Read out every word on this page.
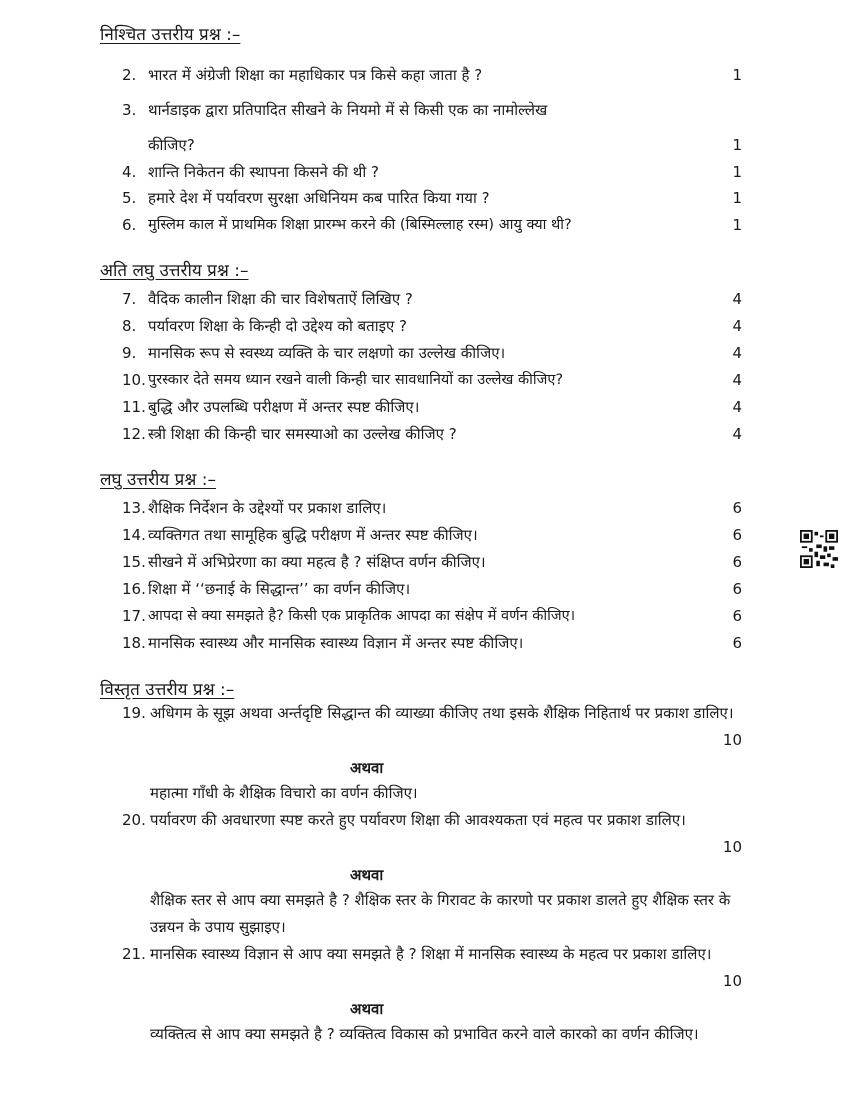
निश्चित उत्तरीय प्रश्न :–
2. भारत में अंग्रेजी शिक्षा का महाधिकार पत्र किसे कहा जाता है ?	1
3. थार्नडाइक द्वारा प्रतिपादित सीखने के नियमो में से किसी एक का नामोल्लेख
कीजिए?	1
4. शान्ति निकेतन की स्थापना किसने की थी ?	1
5. हमारे देश में पर्यावरण सुरक्षा अधिनियम कब पारित किया गया ?	1
6. मुस्लिम काल में प्राथमिक शिक्षा प्रारम्भ करने की (बिस्मिल्लाह रस्म) आयु क्या थी?	1
अति लघु उत्तरीय प्रश्न :–
7. वैदिक कालीन शिक्षा की चार विशेषताऐं लिखिए ?	4
8. पर्यावरण शिक्षा के किन्ही दो उद्देश्य को बताइए ?	4
9. मानसिक रूप से स्वस्थ्य व्यक्ति के चार लक्षणो का उल्लेख कीजिए।	4
10. पुरस्कार देते समय ध्यान रखने वाली किन्ही चार सावधानियों का उल्लेख कीजिए?	4
11. बुद्धि और उपलब्धि परीक्षण में अन्तर स्पष्ट कीजिए।	4
12. स्त्री शिक्षा की किन्ही चार समस्याओ का उल्लेख कीजिए ?	4
लघु उत्तरीय प्रश्न :–
13. शैक्षिक निर्देशन के उद्देश्यों पर प्रकाश डालिए।	6
14. व्यक्तिगत तथा सामूहिक बुद्धि परीक्षण में अन्तर स्पष्ट कीजिए।	6
15. सीखने में अभिप्रेरणा का क्या महत्व है ? संक्षिप्त वर्णन कीजिए।	6
16. शिक्षा में ‘‘छनाई के सिद्धान्त’’ का वर्णन कीजिए।	6
17. आपदा से क्या समझते है? किसी एक प्राकृतिक आपदा का संक्षेप में वर्णन कीजिए।	6
18. मानसिक स्वास्थ्य और मानसिक स्वास्थ्य विज्ञान में अन्तर स्पष्ट कीजिए।	6
विस्तृत उत्तरीय प्रश्न :–
19. अधिगम के सूझ अथवा अर्न्तदृष्टि सिद्धान्त की व्याख्या कीजिए तथा इसके शैक्षिक निहितार्थ पर प्रकाश डालिए।
10
अथवा
महात्मा गाँधी के शैक्षिक विचारो का वर्णन कीजिए।
20. पर्यावरण की अवधारणा स्पष्ट करते हुए पर्यावरण शिक्षा की आवश्यकता एवं महत्व पर प्रकाश डालिए।
10
अथवा
शैक्षिक स्तर से आप क्या समझते है ? शैक्षिक स्तर के गिरावट के कारणो पर प्रकाश डालते हुए शैक्षिक स्तर के उन्नयन के उपाय सुझाइए।
21. मानसिक स्वास्थ्य विज्ञान से आप क्या समझते है ? शिक्षा में मानसिक स्वास्थ्य के महत्व पर प्रकाश डालिए।
10
अथवा
व्यक्तित्व से आप क्या समझते है ? व्यक्तित्व विकास को प्रभावित करने वाले कारको का वर्णन कीजिए।
